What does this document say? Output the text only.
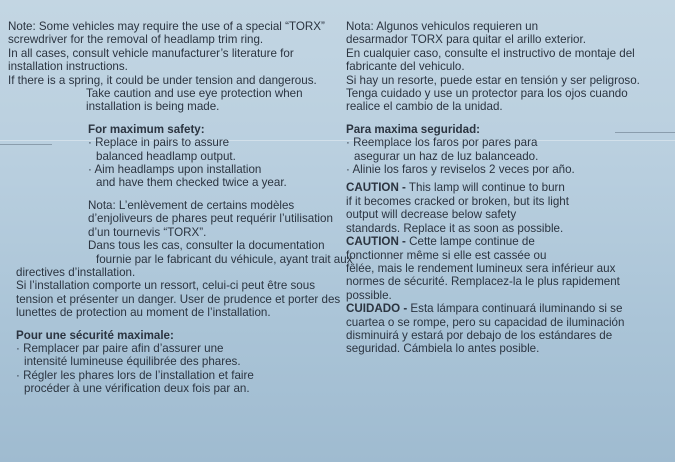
Note: Some vehicles may require the use of a special “TORX”

screwdriver for the removal of headlamp trim ring.

In all cases, consult vehicle manufacturer’s literature for

installation instructions.

If there is a spring, it could be under tension and dangerous.

Take caution and use eye protection when

installation is being made.

For maximum safety:

· Replace in pairs to assure

balanced headlamp output.

· Aim headlamps upon installation

and have them checked twice a year.

Nota: L’enlèvement de certains modèles

d’enjoliveurs de phares peut requérir l’utilisation

d’un tournevis “TORX”.

Dans tous les cas, consulter la documentation

fournie par le fabricant du véhicule, ayant trait aux

directives d’installation.

Si l’installation comporte un ressort, celui-ci peut être sous

tension et présenter un danger. User de prudence et porter des

lunettes de protection au moment de l’installation.

Pour une sécurité maximale:

· Remplacer par paire afin d’assurer une

intensité lumineuse équilibrée des phares.

· Régler les phares lors de l’installation et faire

procéder à une vérification deux fois par an.

Nota: Algunos vehiculos requieren un

desarmador TORX para quitar el arillo exterior.

En cualquier caso, consulte el instructivo de montaje del

fabricante del vehiculo.

Si hay un resorte, puede estar en tensión y ser peligroso.

Tenga cuidado y use un protector para los ojos cuando

realice el cambio de la unidad.

Para maxima seguridad:

· Reemplace los faros por pares para

asegurar un haz de luz balanceado.

· Alinie los faros y reviselos 2 veces por año.

CAUTION - This lamp will continue to burn

if it becomes cracked or broken, but its light

output will decrease below safety

standards. Replace it as soon as possible.

CAUTION - Cette lampe continue de

fonctionner même si elle est cassée ou

fêlée, mais le rendement lumineux sera inférieur aux

normes de sécurité. Remplacez-la le plus rapidement

possible.

CUIDADO - Esta lámpara continuará iluminando si se

cuartea o se rompe, pero su capacidad de iluminación

disminuirá y estará por debajo de los estándares de

seguridad. Cámbiela lo antes posible.
